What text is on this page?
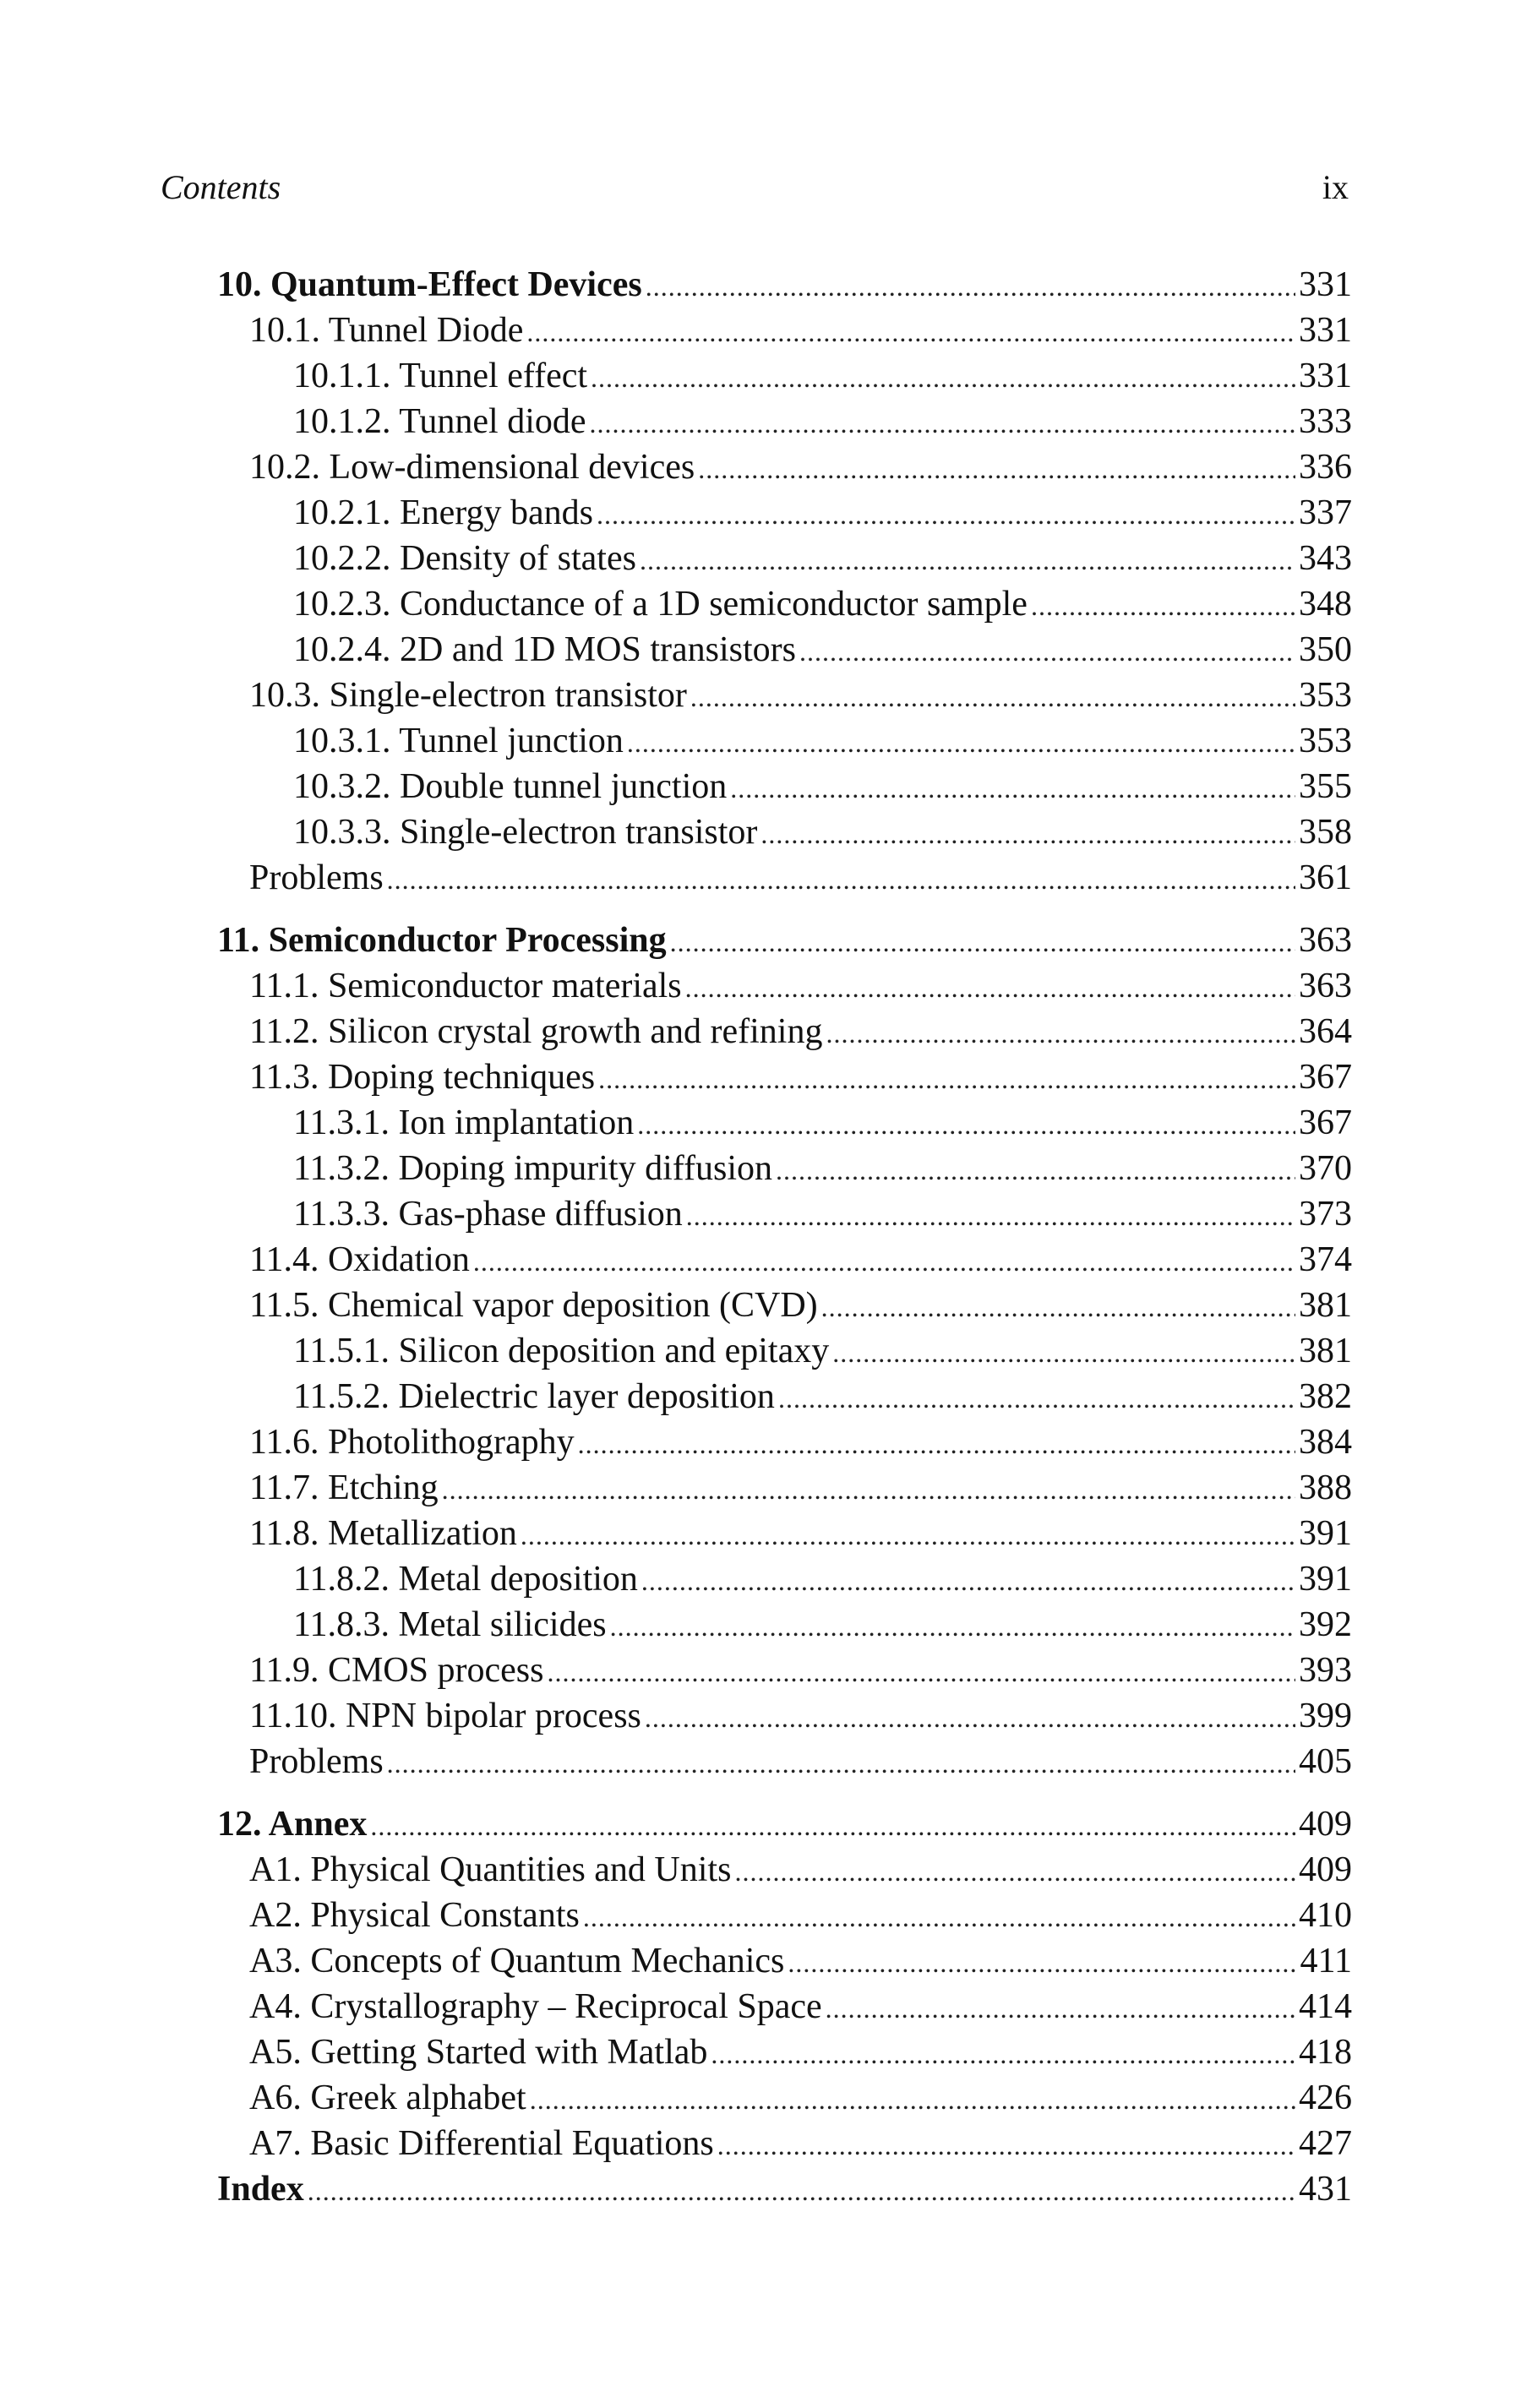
Contents	ix
10. Quantum-Effect Devices .....	331
10.1. Tunnel Diode .....	331
10.1.1. Tunnel effect .....	331
10.1.2. Tunnel diode .....	333
10.2. Low-dimensional devices .....	336
10.2.1. Energy bands .....	337
10.2.2. Density of states .....	343
10.2.3. Conductance of a 1D semiconductor sample .....	348
10.2.4. 2D and 1D MOS transistors .....	350
10.3. Single-electron transistor .....	353
10.3.1. Tunnel junction .....	353
10.3.2. Double tunnel junction .....	355
10.3.3. Single-electron transistor .....	358
Problems .....	361
11. Semiconductor Processing .....	363
11.1. Semiconductor materials .....	363
11.2. Silicon crystal growth and refining .....	364
11.3. Doping techniques .....	367
11.3.1. Ion implantation .....	367
11.3.2. Doping impurity diffusion .....	370
11.3.3. Gas-phase diffusion .....	373
11.4. Oxidation .....	374
11.5. Chemical vapor deposition (CVD) .....	381
11.5.1. Silicon deposition and epitaxy .....	381
11.5.2. Dielectric layer deposition .....	382
11.6. Photolithography .....	384
11.7. Etching .....	388
11.8. Metallization .....	391
11.8.2. Metal deposition .....	391
11.8.3. Metal silicides .....	392
11.9. CMOS process .....	393
11.10. NPN bipolar process .....	399
Problems .....	405
12. Annex .....	409
A1. Physical Quantities and Units .....	409
A2. Physical Constants .....	410
A3. Concepts of Quantum Mechanics .....	411
A4. Crystallography – Reciprocal Space .....	414
A5. Getting Started with Matlab .....	418
A6. Greek alphabet .....	426
A7. Basic Differential Equations .....	427
Index .....	431
